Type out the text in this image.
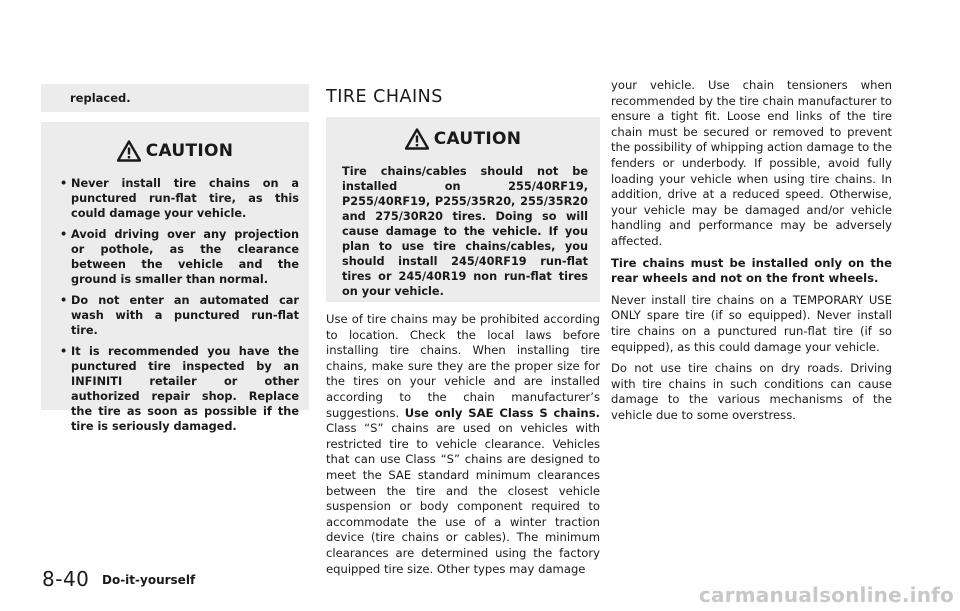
replaced.
CAUTION
• Never install tire chains on a punctured run-flat tire, as this could damage your vehicle.
• Avoid driving over any projection or pothole, as the clearance between the vehicle and the ground is smaller than normal.
• Do not enter an automated car wash with a punctured run-flat tire.
• It is recommended you have the punctured tire inspected by an INFINITI retailer or other authorized repair shop. Replace the tire as soon as possible if the tire is seriously damaged.
TIRE CHAINS
CAUTION

Tire chains/cables should not be installed on 255/40RF19, P255/40RF19, P255/35R20, 255/35R20 and 275/30R20 tires. Doing so will cause damage to the vehicle. If you plan to use tire chains/cables, you should install 245/40RF19 run-flat tires or 245/40R19 non run-flat tires on your vehicle.

Use of tire chains may be prohibited according to location. Check the local laws before installing tire chains. When installing tire chains, make sure they are the proper size for the tires on your vehicle and are installed according to the chain manufacturer’s suggestions. Use only SAE Class S chains. Class “S” chains are used on vehicles with restricted tire to vehicle clearance. Vehicles that can use Class “S” chains are designed to meet the SAE standard minimum clearances between the tire and the closest vehicle suspension or body component required to accommodate the use of a winter traction device (tire chains or cables). The minimum clearances are determined using the factory equipped tire size. Other types may damage

your vehicle. Use chain tensioners when recommended by the tire chain manufacturer to ensure a tight fit. Loose end links of the tire chain must be secured or removed to prevent the possibility of whipping action damage to the fenders or underbody. If possible, avoid fully loading your vehicle when using tire chains. In addition, drive at a reduced speed. Otherwise, your vehicle may be damaged and/or vehicle handling and performance may be adversely affected.

Tire chains must be installed only on the rear wheels and not on the front wheels.

Never install tire chains on a TEMPORARY USE ONLY spare tire (if so equipped). Never install tire chains on a punctured run-flat tire (if so equipped), as this could damage your vehicle.

Do not use tire chains on dry roads. Driving with tire chains in such conditions can cause damage to the various mechanisms of the vehicle due to some overstress.

8-40 Do-it-yourself
carmanualsonline.info
